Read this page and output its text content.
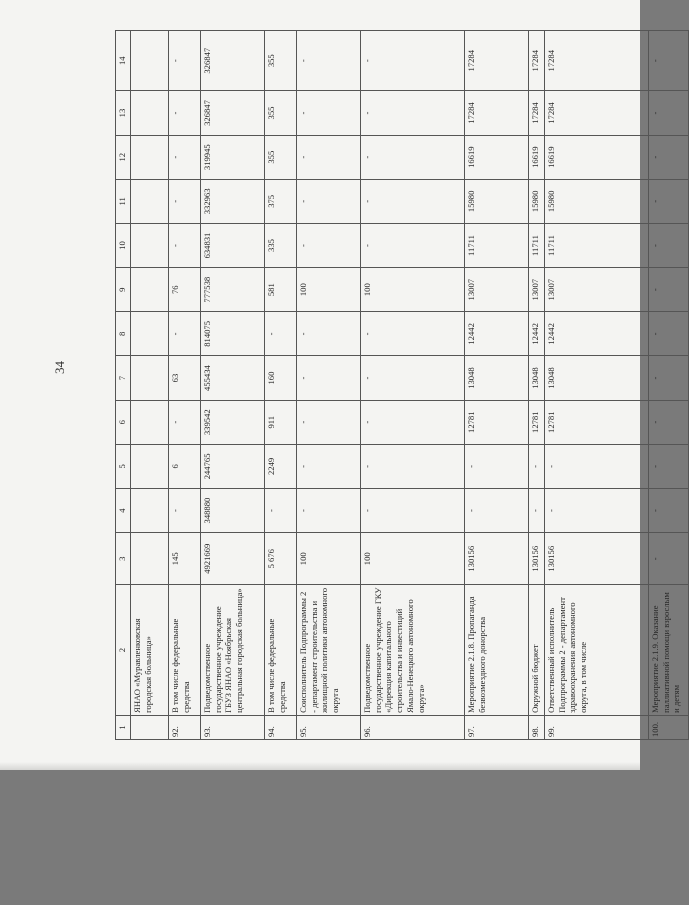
34
1	2	3	4	5	6	7	8	9	10	11	12	13	14
	ЯНАО «Муравленковская городская больница»												
92.	В том числе федеральные средства	145	-	6	-	63	-	76	-	-	-	-	-
93.	Подведомственное государственное учреждение ГБУЗ ЯНАО «Ноябрьская центральная городская больница»	4921669	348880	244765	339542	455434	814075	777538	634831	332963	319945	326847	326847
94.	В том числе федеральные средства	5 676	-	2249	911	160	-	581	335	375	355	355	355
95.	Соисполнитель Подпрограммы 2 - департамент строительства и жилищной политики автономного округа	100	-	-	-	-	-	100	-	-	-	-	-
96.	Подведомственное государственное учреждение ГКУ «Дирекция капитального строительства и инвестиций Ямало-Ненецкого автономного округа»	100	-	-	-	-	-	100	-	-	-	-	-
97.	Мероприятие 2.1.8. Пропаганда безвозмездного донорства	130156	-	-	12781	13048	12442	13007	11711	15980	16619	17284	17284
98.	Окружной бюджет	130156	-	-	12781	13048	12442	13007	11711	15980	16619	17284	17284
99.	Ответственный исполнитель Подпрограммы 2 - департамент здравоохранения автономного округа, в том числе	130156	-	-	12781	13048	12442	13007	11711	15980	16619	17284	17284
100.	Мероприятие 2.1.9. Оказание паллиативной помощи взрослым и детям	-	-	-	-	-	-	-	-	-	-	-	-
